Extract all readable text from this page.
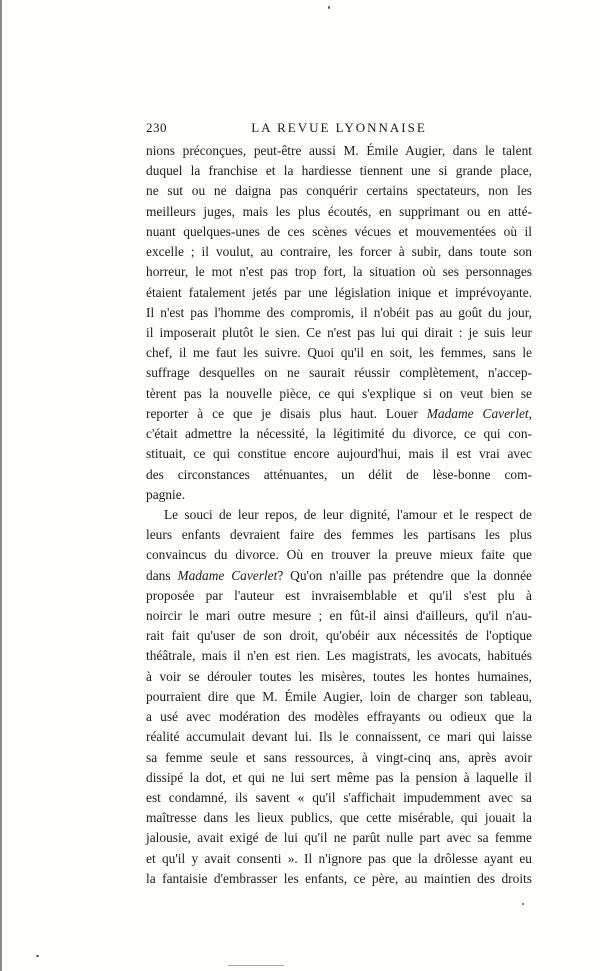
230	LA REVUE LYONNAISE
nions préconçues, peut-être aussi M. Émile Augier, dans le talent
duquel la franchise et la hardiesse tiennent une si grande place,
ne sut ou ne daigna pas conquérir certains spectateurs, non les
meilleurs juges, mais les plus écoutés, en supprimant ou en atté-
nuant quelques-unes de ces scènes vécues et mouvementées où il
excelle ; il voulut, au contraire, les forcer à subir, dans toute son
horreur, le mot n'est pas trop fort, la situation où ses personnages
étaient fatalement jetés par une législation inique et imprévoyante.
Il n'est pas l'homme des compromis, il n'obéit pas au goût du jour,
il imposerait plutôt le sien. Ce n'est pas lui qui dirait : je suis leur
chef, il me faut les suivre. Quoi qu'il en soit, les femmes, sans le
suffrage desquelles on ne saurait réussir complètement, n'accep-
tèrent pas la nouvelle pièce, ce qui s'explique si on veut bien se
reporter à ce que je disais plus haut. Louer Madame Caverlet,
c'était admettre la nécessité, la légitimité du divorce, ce qui con-
stituait, ce qui constitue encore aujourd'hui, mais il est vrai avec
des circonstances atténuantes, un délit de lèse-bonne com-
pagnie.
Le souci de leur repos, de leur dignité, l'amour et le respect de
leurs enfants devraient faire des femmes les partisans les plus
convaincus du divorce. Où en trouver la preuve mieux faite que
dans Madame Caverlet? Qu'on n'aille pas prétendre que la donnée
proposée par l'auteur est invraisemblable et qu'il s'est plu à
noircir le mari outre mesure ; en fût-il ainsi d'ailleurs, qu'il n'au-
rait fait qu'user de son droit, qu'obéir aux nécessités de l'optique
théâtrale, mais il n'en est rien. Les magistrats, les avocats, habitués
à voir se dérouler toutes les misères, toutes les hontes humaines,
pourraient dire que M. Émile Augier, loin de charger son tableau,
a usé avec modération des modèles effrayants ou odieux que la
réalité accumulait devant lui. Ils le connaissent, ce mari qui laisse
sa femme seule et sans ressources, à vingt-cinq ans, après avoir
dissipé la dot, et qui ne lui sert même pas la pension à laquelle il
est condamné, ils savent « qu'il s'affichait impudemment avec sa
maîtresse dans les lieux publics, que cette misérable, qui jouait la
jalousie, avait exigé de lui qu'il ne parût nulle part avec sa femme
et qu'il y avait consenti ». Il n'ignore pas que la drôlesse ayant eu
la fantaisie d'embrasser les enfants, ce père, au maintien des droits
